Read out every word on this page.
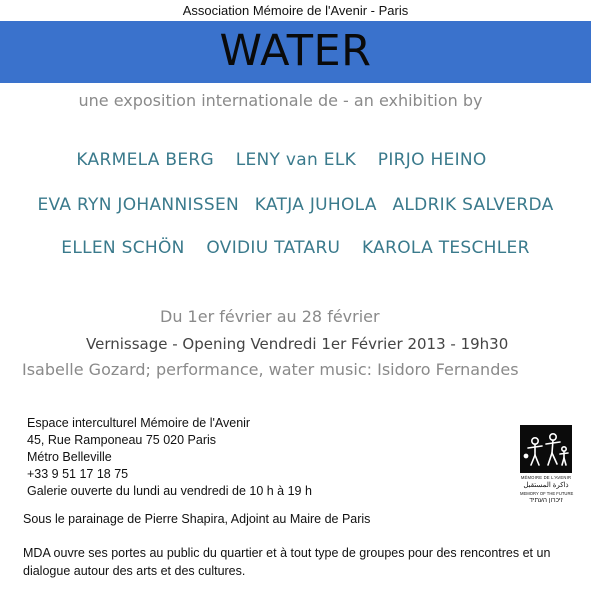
Association Mémoire de l'Avenir - Paris
WATER
une exposition internationale de - an exhibition by
KARMELA BERG LENY van ELK PIRJO HEINO
EVA RYN JOHANNISSEN KATJA JUHOLA ALDRIK SALVERDA
ELLEN SCHÖN OVIDIU TATARU KAROLA TESCHLER
Du 1er février au 28 février
Vernissage - Opening Vendredi 1er Février 2013 - 19h30
Isabelle Gozard; performance, water music: Isidoro Fernandes
Espace interculturel Mémoire de l'Avenir
45, Rue Ramponeau 75 020 Paris
Métro Belleville
+33 9 51 17 18 75
Galerie ouverte du lundi au vendredi de 10 h à 19 h
Sous le parainage de Pierre Shapira, Adjoint au Maire de Paris
MDA ouvre ses portes au public du quartier et à tout type de groupes pour des rencontres et un dialogue autour des arts et des cultures.
MÉMOIRE DE L'AVENIR
ذاكرة المستقبل
MEMORY OF THE FUTURE
זיכרון העתיד
